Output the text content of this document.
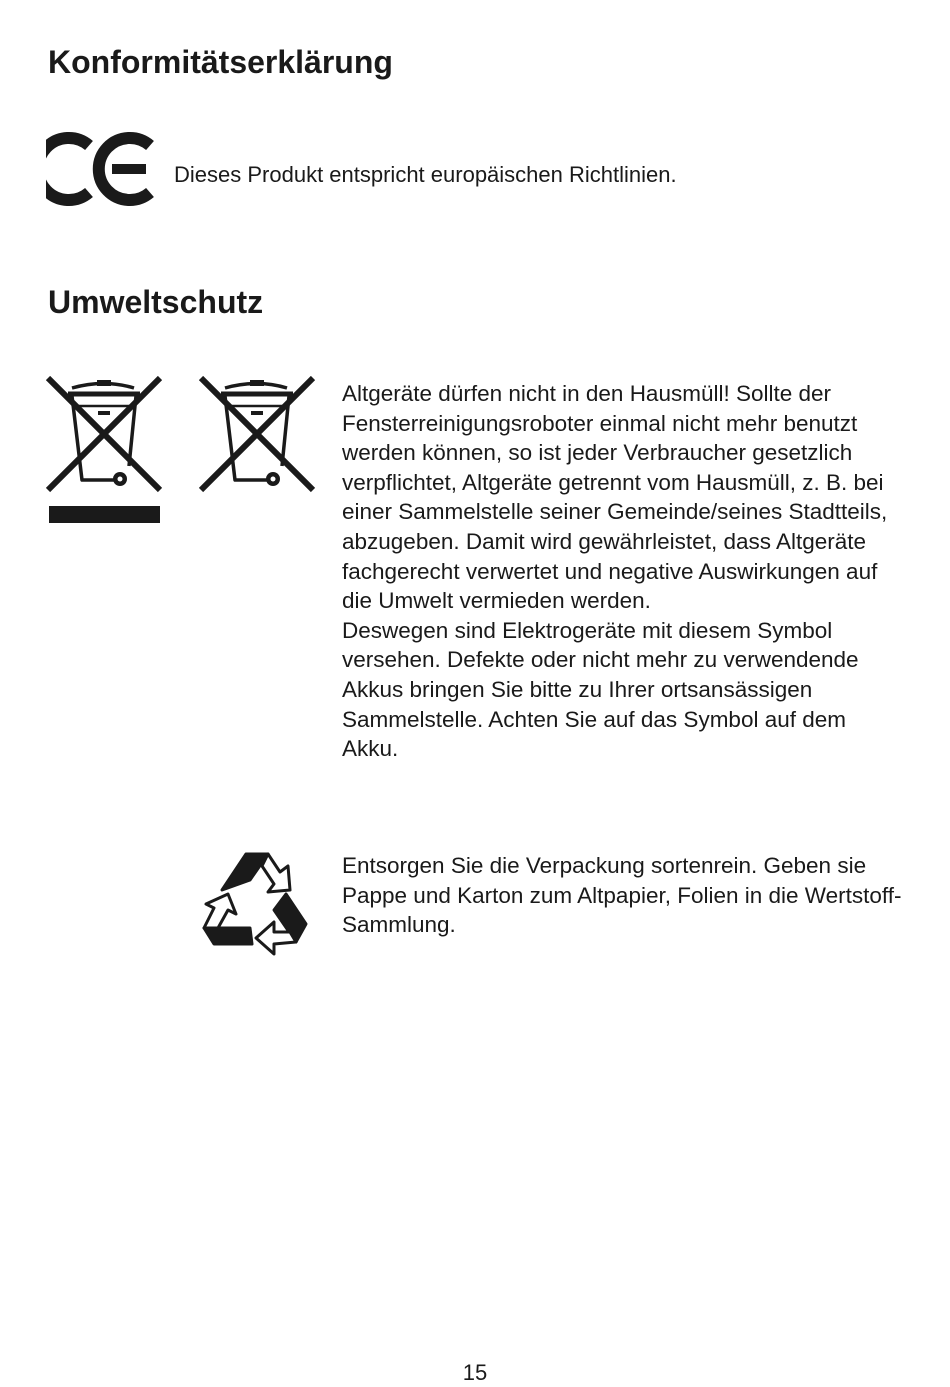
Konformitätserklärung
Dieses Produkt entspricht europäischen Richtlinien.
Umweltschutz

Altgeräte dürfen nicht in den Hausmüll! Sollte der Fensterreinigungsroboter einmal nicht mehr benutzt werden können, so ist jeder Verbraucher gesetzlich verpflichtet, Altgeräte getrennt vom Hausmüll, z. B. bei einer Sammelstelle seiner Gemeinde/seines Stadtteils, abzugeben. Damit wird gewährleistet, dass Altgeräte fachgerecht verwertet und negative Auswirkungen auf die Umwelt vermieden werden.

Deswegen sind Elektrogeräte mit diesem Symbol versehen. Defekte oder nicht mehr zu verwendende Akkus bringen Sie bitte zu Ihrer ortsansässigen Sammelstelle. Achten Sie auf das Symbol auf dem Akku.

Entsorgen Sie die Verpackung sortenrein. Geben sie Pappe und Karton zum Altpapier, Folien in die Wertstoff-Sammlung.
15
